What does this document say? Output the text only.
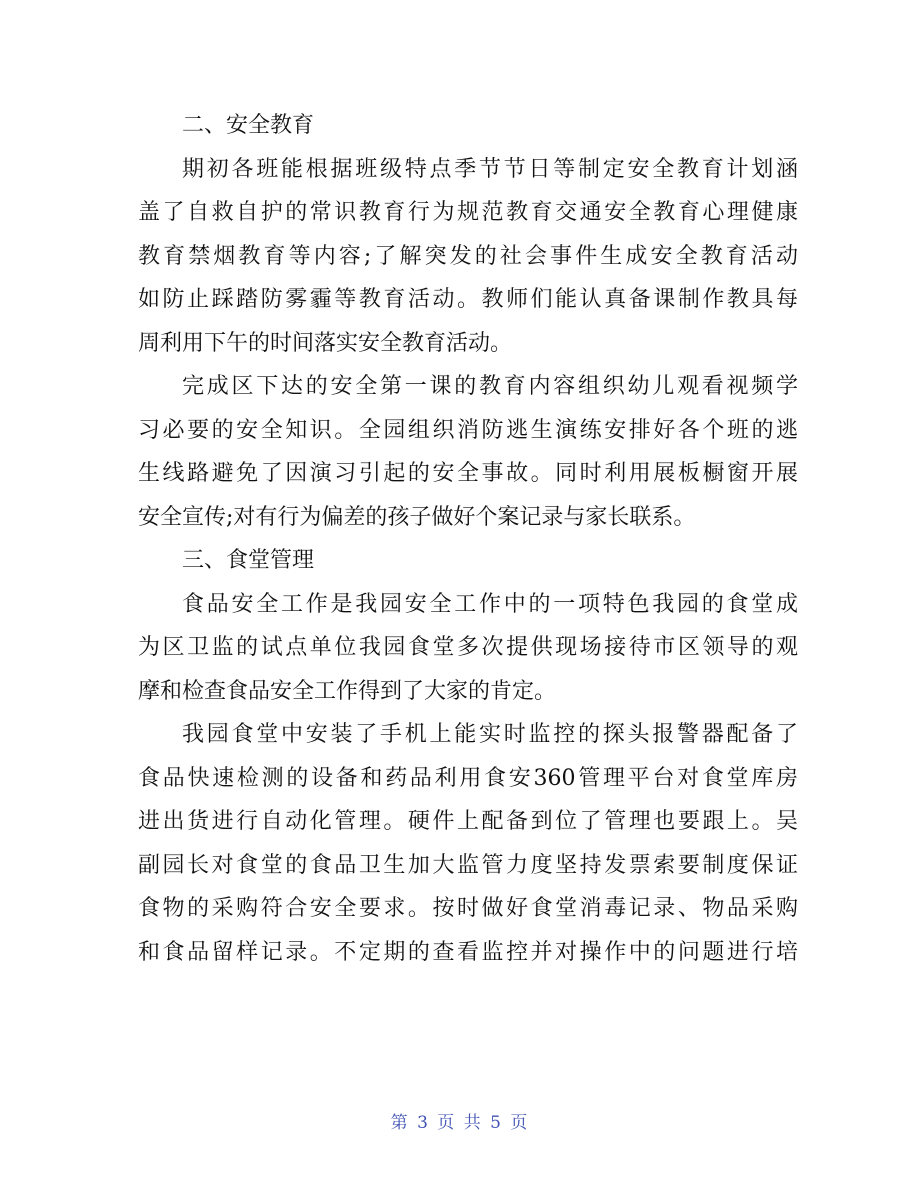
二、安全教育
期初各班能根据班级特点季节节日等制定安全教育计划涵
盖了自救自护的常识教育行为规范教育交通安全教育心理健康
教育禁烟教育等内容;了解突发的社会事件生成安全教育活动
如防止踩踏防雾霾等教育活动。教师们能认真备课制作教具每
周利用下午的时间落实安全教育活动。
完成区下达的安全第一课的教育内容组织幼儿观看视频学
习必要的安全知识。全园组织消防逃生演练安排好各个班的逃
生线路避免了因演习引起的安全事故。同时利用展板橱窗开展
安全宣传;对有行为偏差的孩子做好个案记录与家长联系。
三、食堂管理
食品安全工作是我园安全工作中的一项特色我园的食堂成
为区卫监的试点单位我园食堂多次提供现场接待市区领导的观
摩和检查食品安全工作得到了大家的肯定。
我园食堂中安装了手机上能实时监控的探头报警器配备了
食品快速检测的设备和药品利用食安360管理平台对食堂库房
进出货进行自动化管理。硬件上配备到位了管理也要跟上。吴
副园长对食堂的食品卫生加大监管力度坚持发票索要制度保证
食物的采购符合安全要求。按时做好食堂消毒记录、物品采购
和食品留样记录。不定期的查看监控并对操作中的问题进行培
第 3 页 共 5 页
